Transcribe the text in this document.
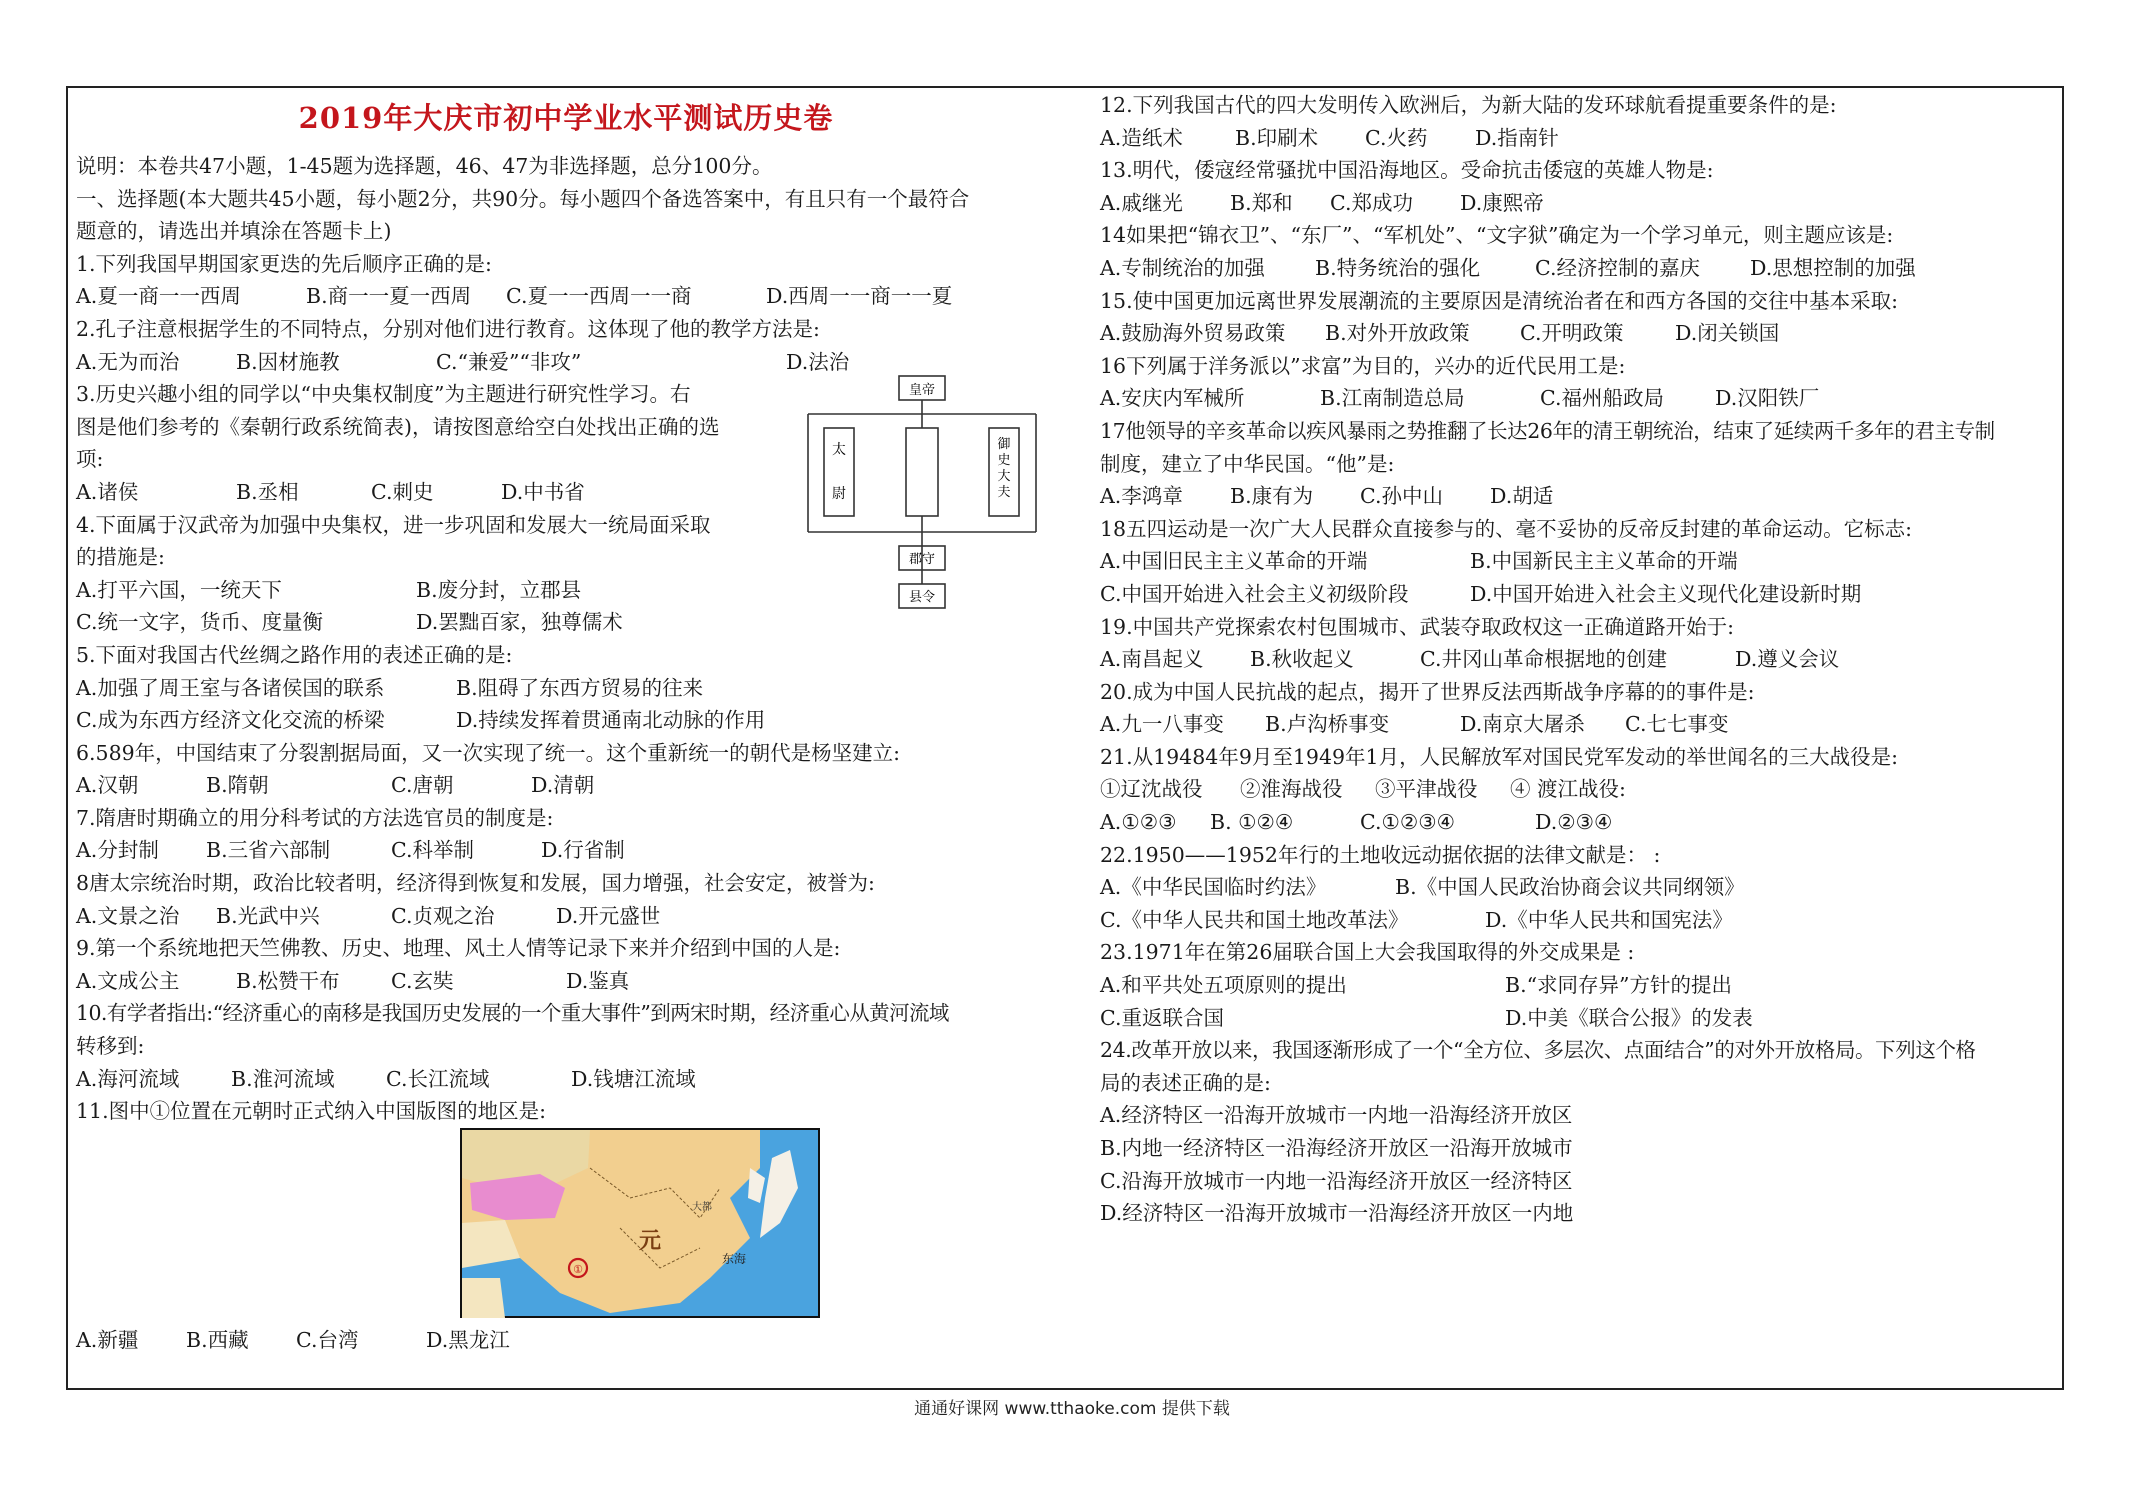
2019年大庆市初中学业水平测试历史卷
说明：本卷共47小题，1-45题为选择题，46、47为非选择题，总分100分。
一、选择题(本大题共45小题，每小题2分，共90分。每小题四个备选答案中，有且只有一个最符合
题意的，请选出并填涂在答题卡上)
1.下列我国早期国家更迭的先后顺序正确的是:
A.夏一商一一西周	B.商一一夏一西周	C.夏一一西周一一商	D.西周一一商一一夏
2.孔子注意根据学生的不同特点，分别对他们进行教育。这体现了他的教学方法是:
A.无为而治	B.因材施教	C.“兼爱”“非攻”	D.法治
3.历史兴趣小组的同学以“中央集权制度”为主题进行研究性学习。右
图是他们参考的《秦朝行政系统简表)，请按图意给空白处找出正确的选
项:
A.诸侯	B.丞相	C.刺史	D.中书省
皇帝
太
尉
御
史
大
夫
郡守
县令
4.下面属于汉武帝为加强中央集权，进一步巩固和发展大一统局面采取
的措施是:
A.打平六国，一统天下	B.废分封，立郡县
C.统一文字，货币、度量衡	D.罢黜百家，独尊儒术
5.下面对我国古代丝绸之路作用的表述正确的是:
A.加强了周王室与各诸侯国的联系	B.阻碍了东西方贸易的往来
C.成为东西方经济文化交流的桥梁	D.持续发挥着贯通南北动脉的作用
6.589年，中国结束了分裂割据局面，又一次实现了统一。这个重新统一的朝代是杨坚建立:
A.汉朝	B.隋朝	C.唐朝	D.清朝
7.隋唐时期确立的用分科考试的方法选官员的制度是:
A.分封制	B.三省六部制	C.科举制	D.行省制
8唐太宗统治时期，政治比较者明，经济得到恢复和发展，国力增强，社会安定，被誉为:
A.文景之治	B.光武中兴	C.贞观之治	D.开元盛世
9.第一个系统地把天竺佛教、历史、地理、风土人情等记录下来并介绍到中国的人是:
A.文成公主	B.松赞干布	C.玄奘	D.鉴真
10.有学者指出:“经济重心的南移是我国历史发展的一个重大事件”到两宋时期，经济重心从黄河流域
转移到:
A.海河流域	B.淮河流域	C.长江流域	D.钱塘江流域
11.图中①位置在元朝时正式纳入中国版图的地区是:
①
元
大都
东海
A.新疆	B.西藏	C.台湾	D.黑龙江
12.下列我国古代的四大发明传入欧洲后，为新大陆的发环球航看提重要条件的是:
A.造纸术	B.印刷术	C.火药	D.指南针
13.明代，倭寇经常骚扰中国沿海地区。受命抗击倭寇的英雄人物是:
A.戚继光	B.郑和	C.郑成功	D.康熙帝
14如果把“锦衣卫”、“东厂”、“军机处”、“文字狱”确定为一个学习单元，则主题应该是:
A.专制统治的加强	B.特务统治的强化	C.经济控制的嘉庆	D.思想控制的加强
15.使中国更加远离世界发展潮流的主要原因是清统治者在和西方各国的交往中基本采取:
A.鼓励海外贸易政策	B.对外开放政策	C.开明政策	D.闭关锁国
16下列属于洋务派以”求富”为目的，兴办的近代民用工是:
A.安庆内军械所	B.江南制造总局	C.福州船政局	D.汉阳铁厂
17他领导的辛亥革命以疾风暴雨之势推翻了长达26年的清王朝统治，结束了延续两千多年的君主专制
制度，建立了中华民国。“他”是:
A.李鸿章	B.康有为	C.孙中山	D.胡适
18五四运动是一次广大人民群众直接参与的、毫不妥协的反帝反封建的革命运动。它标志:
A.中国旧民主主义革命的开端	B.中国新民主主义革命的开端
C.中国开始进入社会主义初级阶段	D.中国开始进入社会主义现代化建设新时期
19.中国共产党探索农村包围城市、武装夺取政权这一正确道路开始于:
A.南昌起义	B.秋收起义	C.井冈山革命根据地的创建	D.遵义会议
20.成为中国人民抗战的起点，揭开了世界反法西斯战争序幕的的事件是:
A.九一八事变	B.卢沟桥事变	D.南京大屠杀	C.七七事变
21.从19484年9月至1949年1月，人民解放军对国民党军发动的举世闻名的三大战役是:
①辽沈战役	②淮海战役	③平津战役	④ 渡江战役:
A.①②③	B. ①②④	C.①②③④	D.②③④
22.1950——1952年行的土地收远动据依据的法律文献是： :
A.《中华民国临时约法》	B.《中国人民政治协商会议共同纲领》
C.《中华人民共和国土地改革法》	D.《中华人民共和国宪法》
23.1971年在第26届联合国上大会我国取得的外交成果是 :
A.和平共处五项原则的提出	B.“求同存异”方针的提出
C.重返联合国	D.中美《联合公报》的发表
24.改革开放以来，我国逐渐形成了一个“全方位、多层次、点面结合”的对外开放格局。下列这个格
局的表述正确的是:
A.经济特区一沿海开放城市一内地一沿海经济开放区
B.内地一经济特区一沿海经济开放区一沿海开放城市
C.沿海开放城市一内地一沿海经济开放区一经济特区
D.经济特区一沿海开放城市一沿海经济开放区一内地
通通好课网 www.tthaoke.com 提供下载
